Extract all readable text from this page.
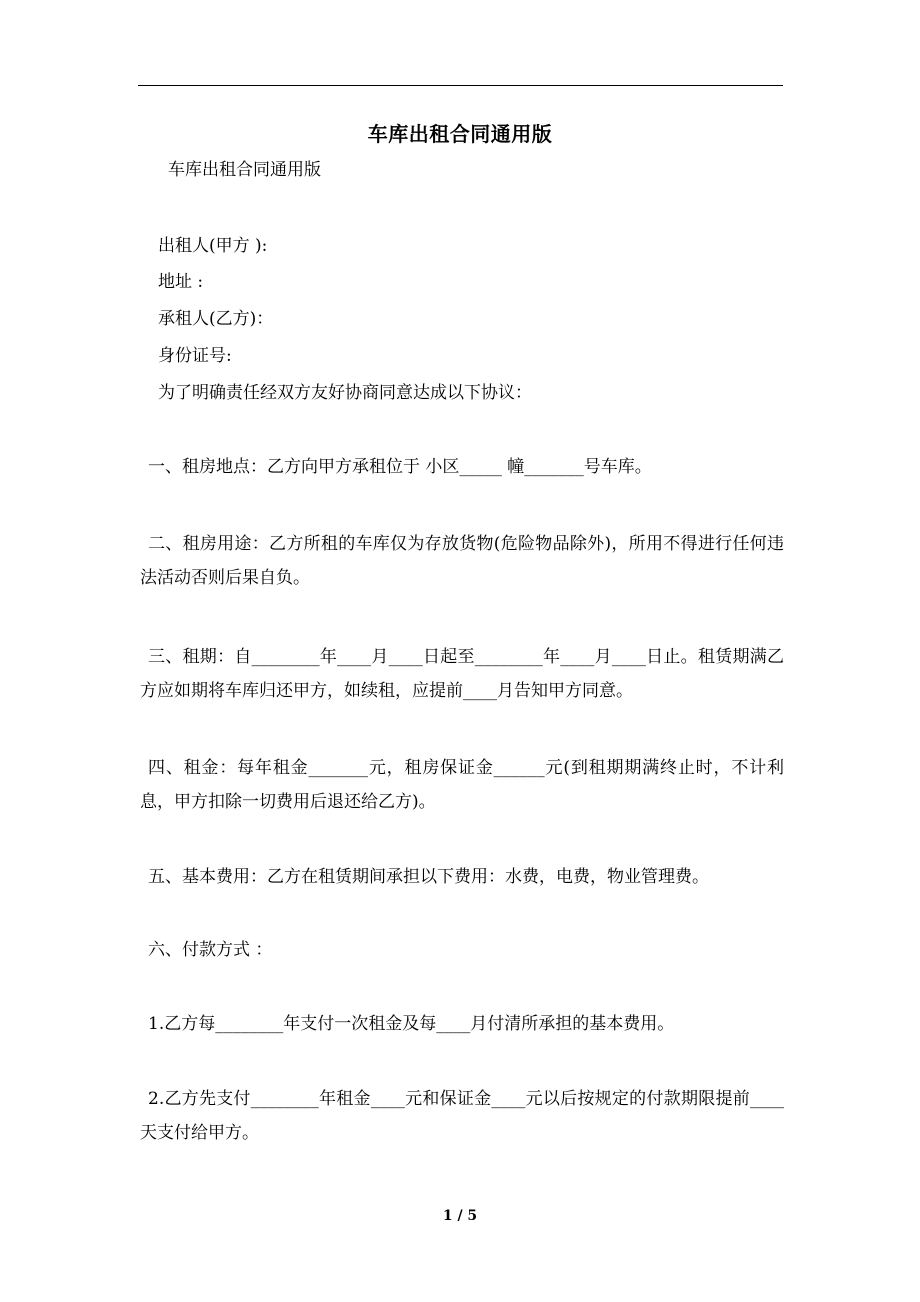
车库出租合同通用版
车库出租合同通用版
出租人(甲方 ):
地址 :
承租人(乙方)：
身份证号:
为了明确责任经双方友好协商同意达成以下协议：
一、租房地点：乙方向甲方承租位于 小区_____ 幢_______号车库。
二、租房用途：乙方所租的车库仅为存放货物(危险物品除外)，所用不得进行任何违法活动否则后果自负。
三、租期：自________年____月____日起至________年____月____日止。租赁期满乙方应如期将车库归还甲方，如续租，应提前____月告知甲方同意。
四、租金：每年租金_______元，租房保证金______元(到租期期满终止时，不计利息，甲方扣除一切费用后退还给乙方)。
五、基本费用：乙方在租赁期间承担以下费用：水费，电费，物业管理费。
六、付款方式 ：
1.乙方每________年支付一次租金及每____月付清所承担的基本费用。
2.乙方先支付________年租金____元和保证金____元以后按规定的付款期限提前____天支付给甲方。
1 / 5
